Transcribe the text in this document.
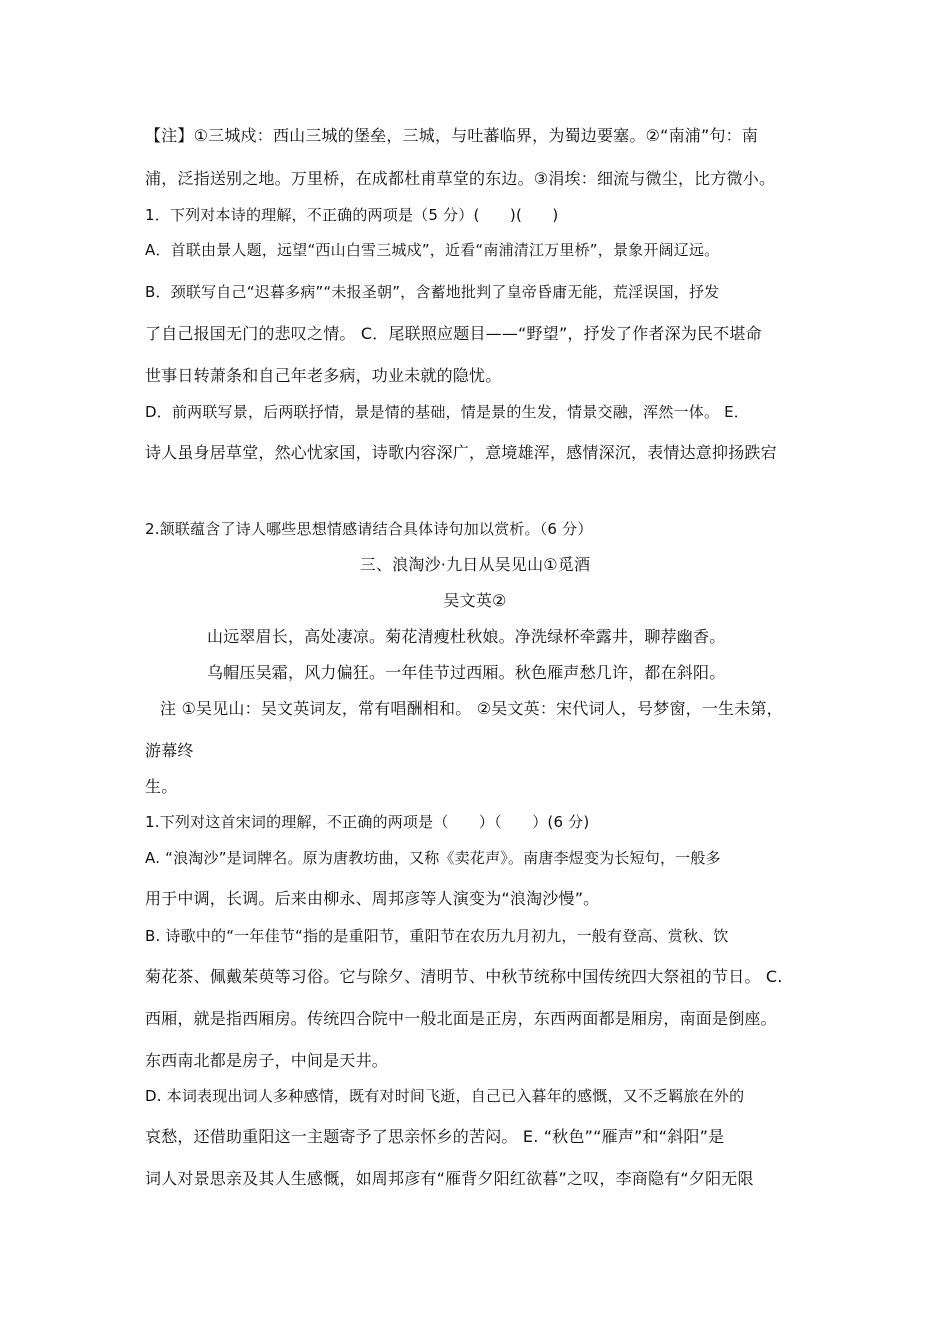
【注】①三城戍：西山三城的堡垒，三城，与吐蕃临界，为蜀边要塞。②“南浦”句：南
浦，泛指送别之地。万里桥，在成都杜甫草堂的东边。③涓埃：细流与微尘，比方微小。
1．下列对本诗的理解，不正确的两项是（5 分）(　　)(　　)
A．首联由景人题，远望“西山白雪三城戍”，近看“南浦清江万里桥”，景象开阔辽远。
B．颈联写自己“迟暮多病”“未报圣朝”，含蓄地批判了皇帝昏庸无能，荒淫误国，抒发
了自己报国无门的悲叹之情。 C．尾联照应题目——“野望”，抒发了作者深为民不堪命
世事日转萧条和自己年老多病，功业未就的隐忧。
D．前两联写景，后两联抒情，景是情的基础，情是景的生发，情景交融，浑然一体。 E．
诗人虽身居草堂，然心忧家国，诗歌内容深广，意境雄浑，感情深沉，表情达意抑扬跌宕
2.颔联蕴含了诗人哪些思想情感请结合具体诗句加以赏析。（6 分）
三、浪淘沙·九日从吴见山①觅酒
吴文英②
山远翠眉长，高处凄凉。菊花清瘦杜秋娘。净洗绿杯牵露井，聊荐幽香。
乌帽压吴霜，风力偏狂。一年佳节过西厢。秋色雁声愁几许，都在斜阳。
注 ①吴见山：吴文英词友，常有唱酬相和。 ②吴文英：宋代词人，号梦窗，一生未第，
游幕终
生。
1.下列对这首宋词的理解，不正确的两项是（　　）（　　）(6 分)
A. “浪淘沙”是词牌名。原为唐教坊曲，又称《卖花声》。南唐李煜变为长短句，一般多
用于中调，长调。后来由柳永、周邦彦等人演变为“浪淘沙慢”。
B. 诗歌中的“一年佳节“指的是重阳节，重阳节在农历九月初九，一般有登高、赏秋、饮
菊花茶、佩戴茱萸等习俗。它与除夕、清明节、中秋节统称中国传统四大祭祖的节日。 C.
西厢，就是指西厢房。传统四合院中一般北面是正房，东西两面都是厢房，南面是倒座。
东西南北都是房子，中间是天井。
D. 本词表现出词人多种感情，既有对时间飞逝，自己已入暮年的感慨，又不乏羁旅在外的
哀愁，还借助重阳这一主题寄予了思亲怀乡的苦闷。 E. “秋色”“雁声”和“斜阳”是
词人对景思亲及其人生感慨，如周邦彦有“雁背夕阳红欲暮”之叹，李商隐有“夕阳无限
